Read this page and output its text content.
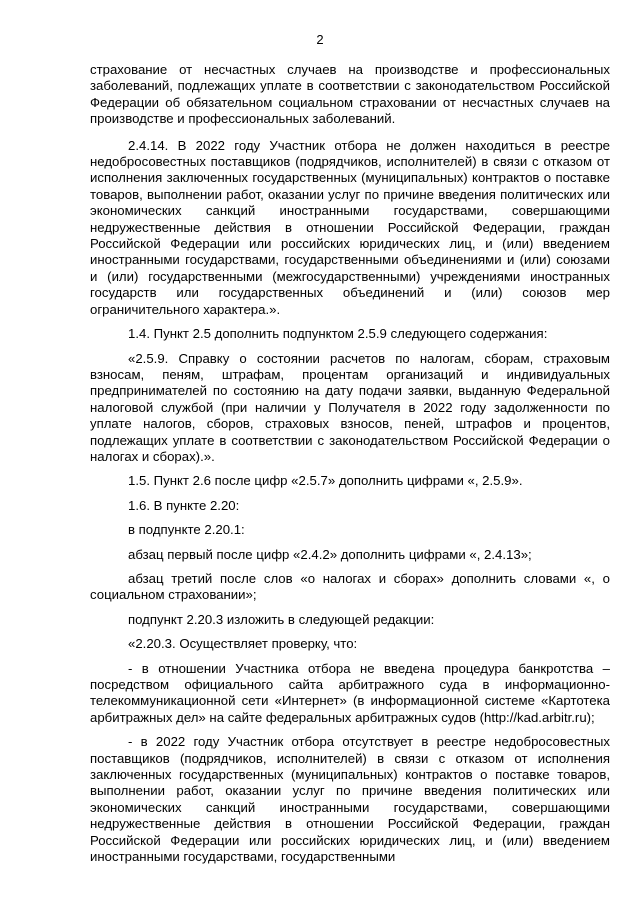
2

страхование от несчастных случаев на производстве и профессиональных заболеваний, подлежащих уплате в соответствии с законодательством Российской Федерации об обязательном социальном страховании от несчастных случаев на производстве и профессиональных заболеваний.

2.4.14. В 2022 году Участник отбора не должен находиться в реестре недобросовестных поставщиков (подрядчиков, исполнителей) в связи с отказом от исполнения заключенных государственных (муниципальных) контрактов о поставке товаров, выполнении работ, оказании услуг по причине введения политических или экономических санкций иностранными государствами, совершающими недружественные действия в отношении Российской Федерации, граждан Российской Федерации или российских юридических лиц, и (или) введением иностранными государствами, государственными объединениями и (или) союзами и (или) государственными (межгосударственными) учреждениями иностранных государств или государственных объединений и (или) союзов мер ограничительного характера.».

1.4. Пункт 2.5 дополнить подпунктом 2.5.9 следующего содержания:

«2.5.9. Справку о состоянии расчетов по налогам, сборам, страховым взносам, пеням, штрафам, процентам организаций и индивидуальных предпринимателей по состоянию на дату подачи заявки, выданную Федеральной налоговой службой (при наличии у Получателя в 2022 году задолженности по уплате налогов, сборов, страховых взносов, пеней, штрафов и процентов, подлежащих уплате в соответствии с законодательством Российской Федерации о налогах и сборах).».

1.5. Пункт 2.6 после цифр «2.5.7» дополнить цифрами «, 2.5.9».

1.6. В пункте 2.20:

в подпункте 2.20.1:

абзац первый после цифр «2.4.2» дополнить цифрами «, 2.4.13»;

абзац третий после слов «о налогах и сборах» дополнить словами «, о социальном страховании»;

подпункт 2.20.3 изложить в следующей редакции:

«2.20.3. Осуществляет проверку, что:

- в отношении Участника отбора не введена процедура банкротства – посредством официального сайта арбитражного суда в информационно-телекоммуникационной сети «Интернет» (в информационной системе «Картотека арбитражных дел» на сайте федеральных арбитражных судов (http://kad.arbitr.ru);

- в 2022 году Участник отбора отсутствует в реестре недобросовестных поставщиков (подрядчиков, исполнителей) в связи с отказом от исполнения заключенных государственных (муниципальных) контрактов о поставке товаров, выполнении работ, оказании услуг по причине введения политических или экономических санкций иностранными государствами, совершающими недружественные действия в отношении Российской Федерации, граждан Российской Федерации или российских юридических лиц, и (или) введением иностранными государствами, государственными
